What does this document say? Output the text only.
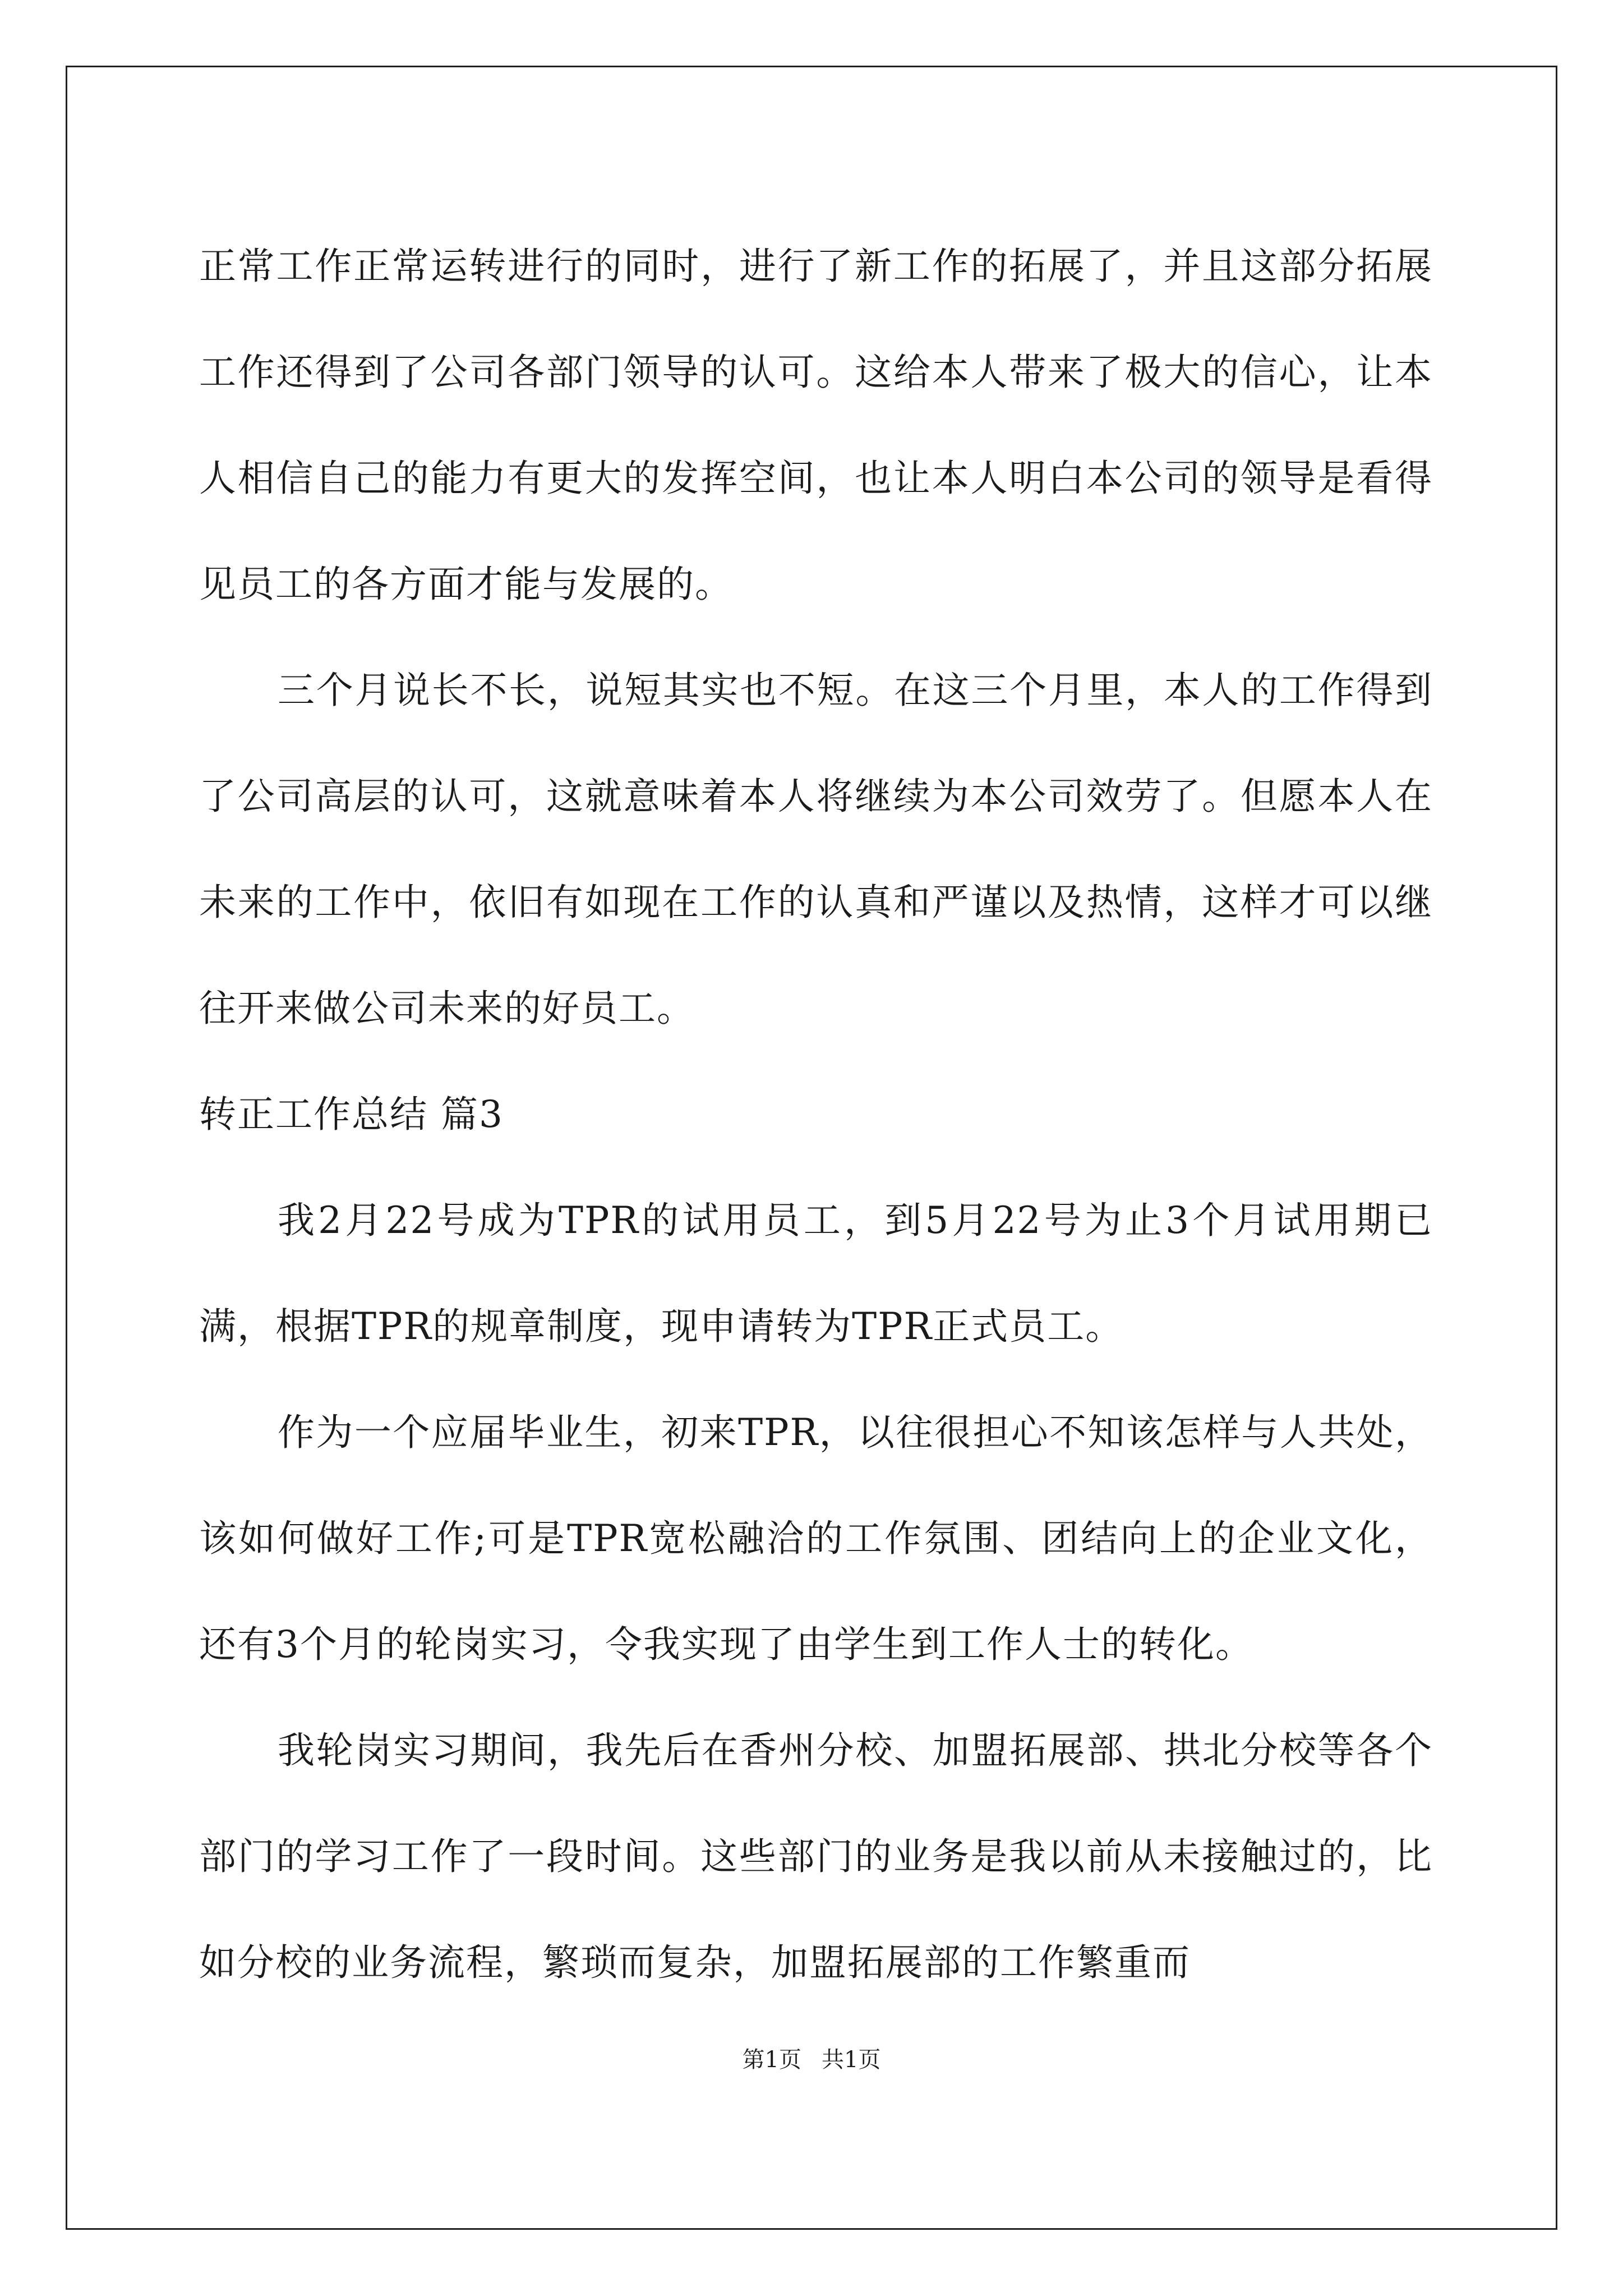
正常工作正常运转进行的同时，进行了新工作的拓展了，并且这部分拓展工作还得到了公司各部门领导的认可。这给本人带来了极大的信心，让本人相信自己的能力有更大的发挥空间，也让本人明白本公司的领导是看得见员工的各方面才能与发展的。

三个月说长不长，说短其实也不短。在这三个月里，本人的工作得到了公司高层的认可，这就意味着本人将继续为本公司效劳了。但愿本人在未来的工作中，依旧有如现在工作的认真和严谨以及热情，这样才可以继往开来做公司未来的好员工。

转正工作总结 篇3

我2月22号成为TPR的试用员工，到5月22号为止3个月试用期已满，根据TPR的规章制度，现申请转为TPR正式员工。

作为一个应届毕业生，初来TPR，以往很担心不知该怎样与人共处，该如何做好工作;可是TPR宽松融洽的工作氛围、团结向上的企业文化，还有3个月的轮岗实习，令我实现了由学生到工作人士的转化。

我轮岗实习期间，我先后在香州分校、加盟拓展部、拱北分校等各个部门的学习工作了一段时间。这些部门的业务是我以前从未接触过的，比如分校的业务流程，繁琐而复杂，加盟拓展部的工作繁重而

第1页 共1页
